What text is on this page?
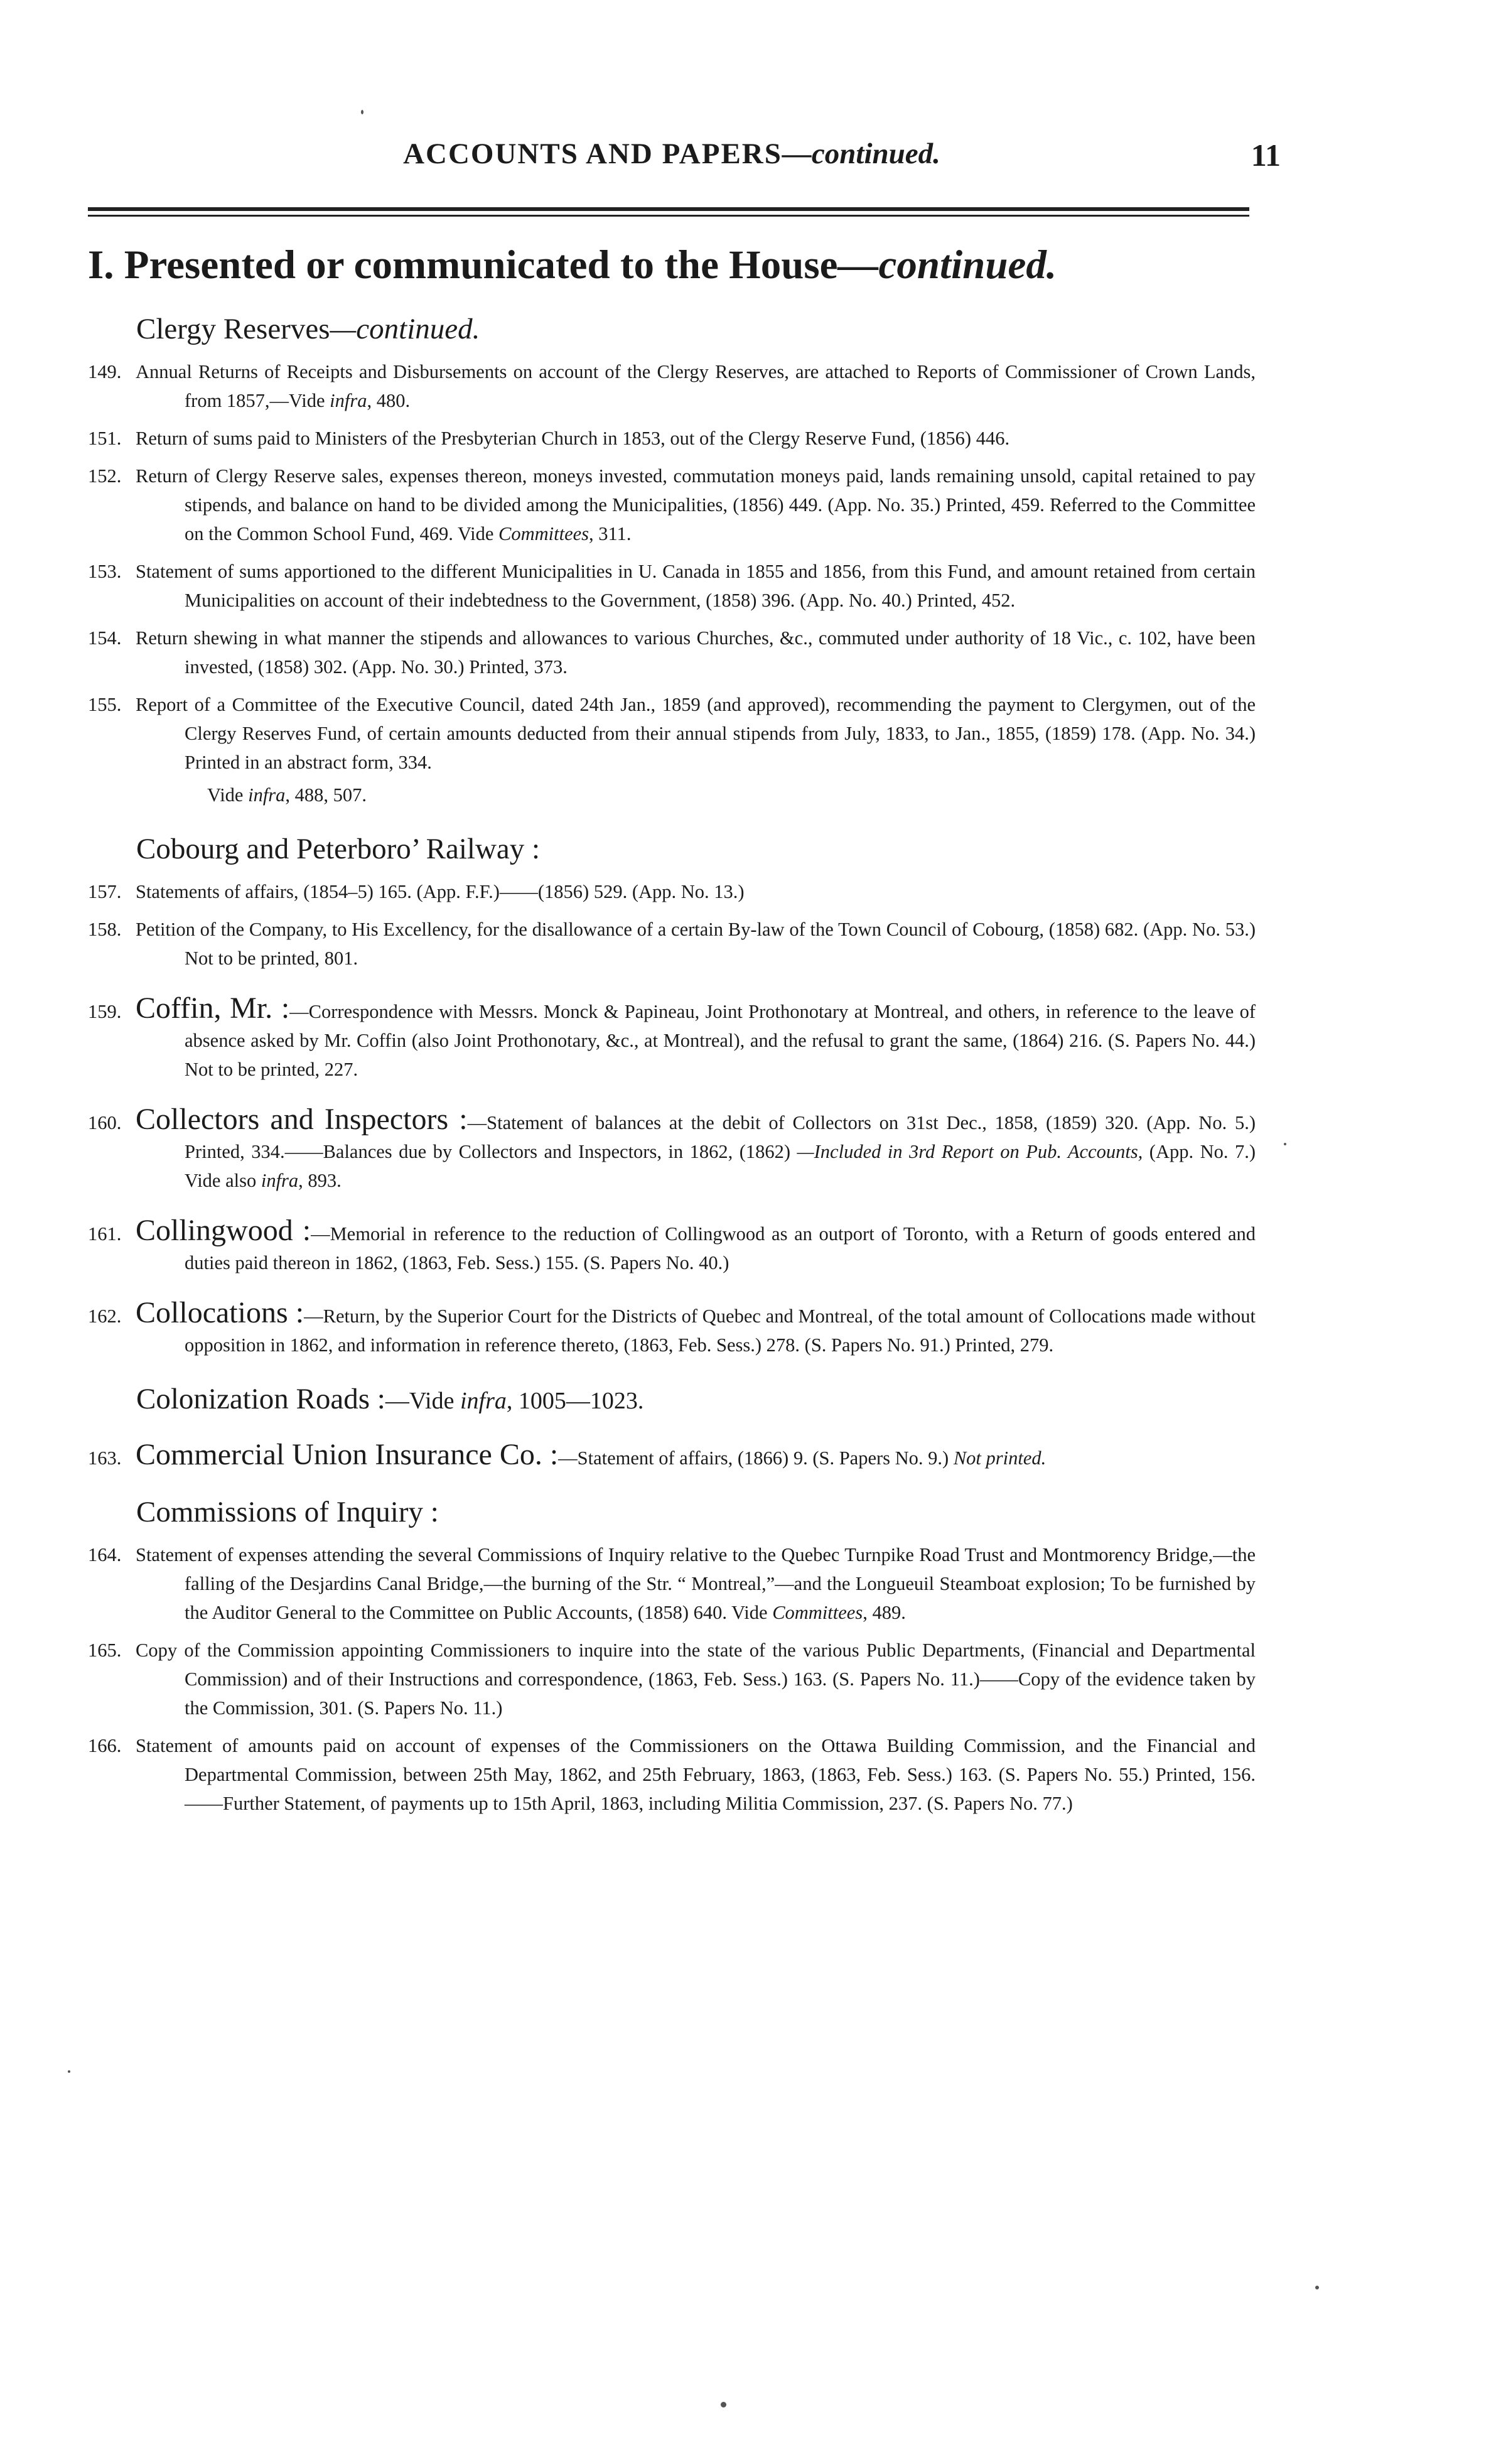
ACCOUNTS AND PAPERS—continued.	11
I. Presented or communicated to the House—continued.
Clergy Reserves—continued.
149. Annual Returns of Receipts and Disbursements on account of the Clergy Reserves, are attached to Reports of Commissioner of Crown Lands, from 1857,—Vide infra, 480.
151. Return of sums paid to Ministers of the Presbyterian Church in 1853, out of the Clergy Reserve Fund, (1856) 446.
152. Return of Clergy Reserve sales, expenses thereon, moneys invested, commutation moneys paid, lands remaining unsold, capital retained to pay stipends, and balance on hand to be divided among the Municipalities, (1856) 449. (App. No. 35.) Printed, 459. Referred to the Committee on the Common School Fund, 469. Vide Committees, 311.
153. Statement of sums apportioned to the different Municipalities in U. Canada in 1855 and 1856, from this Fund, and amount retained from certain Municipalities on account of their indebtedness to the Government, (1858) 396. (App. No. 40.) Printed, 452.
154. Return shewing in what manner the stipends and allowances to various Churches, &c., commuted under authority of 18 Vic., c. 102, have been invested, (1858) 302. (App. No. 30.) Printed, 373.
155. Report of a Committee of the Executive Council, dated 24th Jan., 1859 (and approved), recommending the payment to Clergymen, out of the Clergy Reserves Fund, of certain amounts deducted from their annual stipends from July, 1833, to Jan., 1855, (1859) 178. (App. No. 34.) Printed in an abstract form, 334.
Vide infra, 488, 507.
Cobourg and Peterboro’ Railway :
157. Statements of affairs, (1854–5) 165. (App. F.F.)——(1856) 529. (App. No. 13.)
158. Petition of the Company, to His Excellency, for the disallowance of a certain By-law of the Town Council of Cobourg, (1858) 682. (App. No. 53.) Not to be printed, 801.
159. Coffin, Mr. :—Correspondence with Messrs. Monck & Papineau, Joint Prothonotary at Montreal, and others, in reference to the leave of absence asked by Mr. Coffin (also Joint Prothonotary, &c., at Montreal), and the refusal to grant the same, (1864) 216. (S. Papers No. 44.) Not to be printed, 227.
160. Collectors and Inspectors :—Statement of balances at the debit of Collectors on 31st Dec., 1858, (1859) 320. (App. No. 5.) Printed, 334.——Balances due by Collectors and Inspectors, in 1862, (1862) —Included in 3rd Report on Pub. Accounts, (App. No. 7.) Vide also infra, 893.
161. Collingwood :—Memorial in reference to the reduction of Collingwood as an outport of Toronto, with a Return of goods entered and duties paid thereon in 1862, (1863, Feb. Sess.) 155. (S. Papers No. 40.)
162. Collocations :—Return, by the Superior Court for the Districts of Quebec and Montreal, of the total amount of Collocations made without opposition in 1862, and information in reference thereto, (1863, Feb. Sess.) 278. (S. Papers No. 91.) Printed, 279.
Colonization Roads :—Vide infra, 1005—1023.
163. Commercial Union Insurance Co. :—Statement of affairs, (1866) 9. (S. Papers No. 9.) Not printed.
Commissions of Inquiry :
164. Statement of expenses attending the several Commissions of Inquiry relative to the Quebec Turnpike Road Trust and Montmorency Bridge,—the falling of the Desjardins Canal Bridge,—the burning of the Str. “ Montreal,”—and the Longueuil Steamboat explosion; To be furnished by the Auditor General to the Committee on Public Accounts, (1858) 640. Vide Committees, 489.
165. Copy of the Commission appointing Commissioners to inquire into the state of the various Public Departments, (Financial and Departmental Commission) and of their Instructions and correspondence, (1863, Feb. Sess.) 163. (S. Papers No. 11.)——Copy of the evidence taken by the Commission, 301. (S. Papers No. 11.)
166. Statement of amounts paid on account of expenses of the Commissioners on the Ottawa Building Commission, and the Financial and Departmental Commission, between 25th May, 1862, and 25th February, 1863, (1863, Feb. Sess.) 163. (S. Papers No. 55.) Printed, 156.——Further Statement, of payments up to 15th April, 1863, including Militia Commission, 237. (S. Papers No. 77.)
